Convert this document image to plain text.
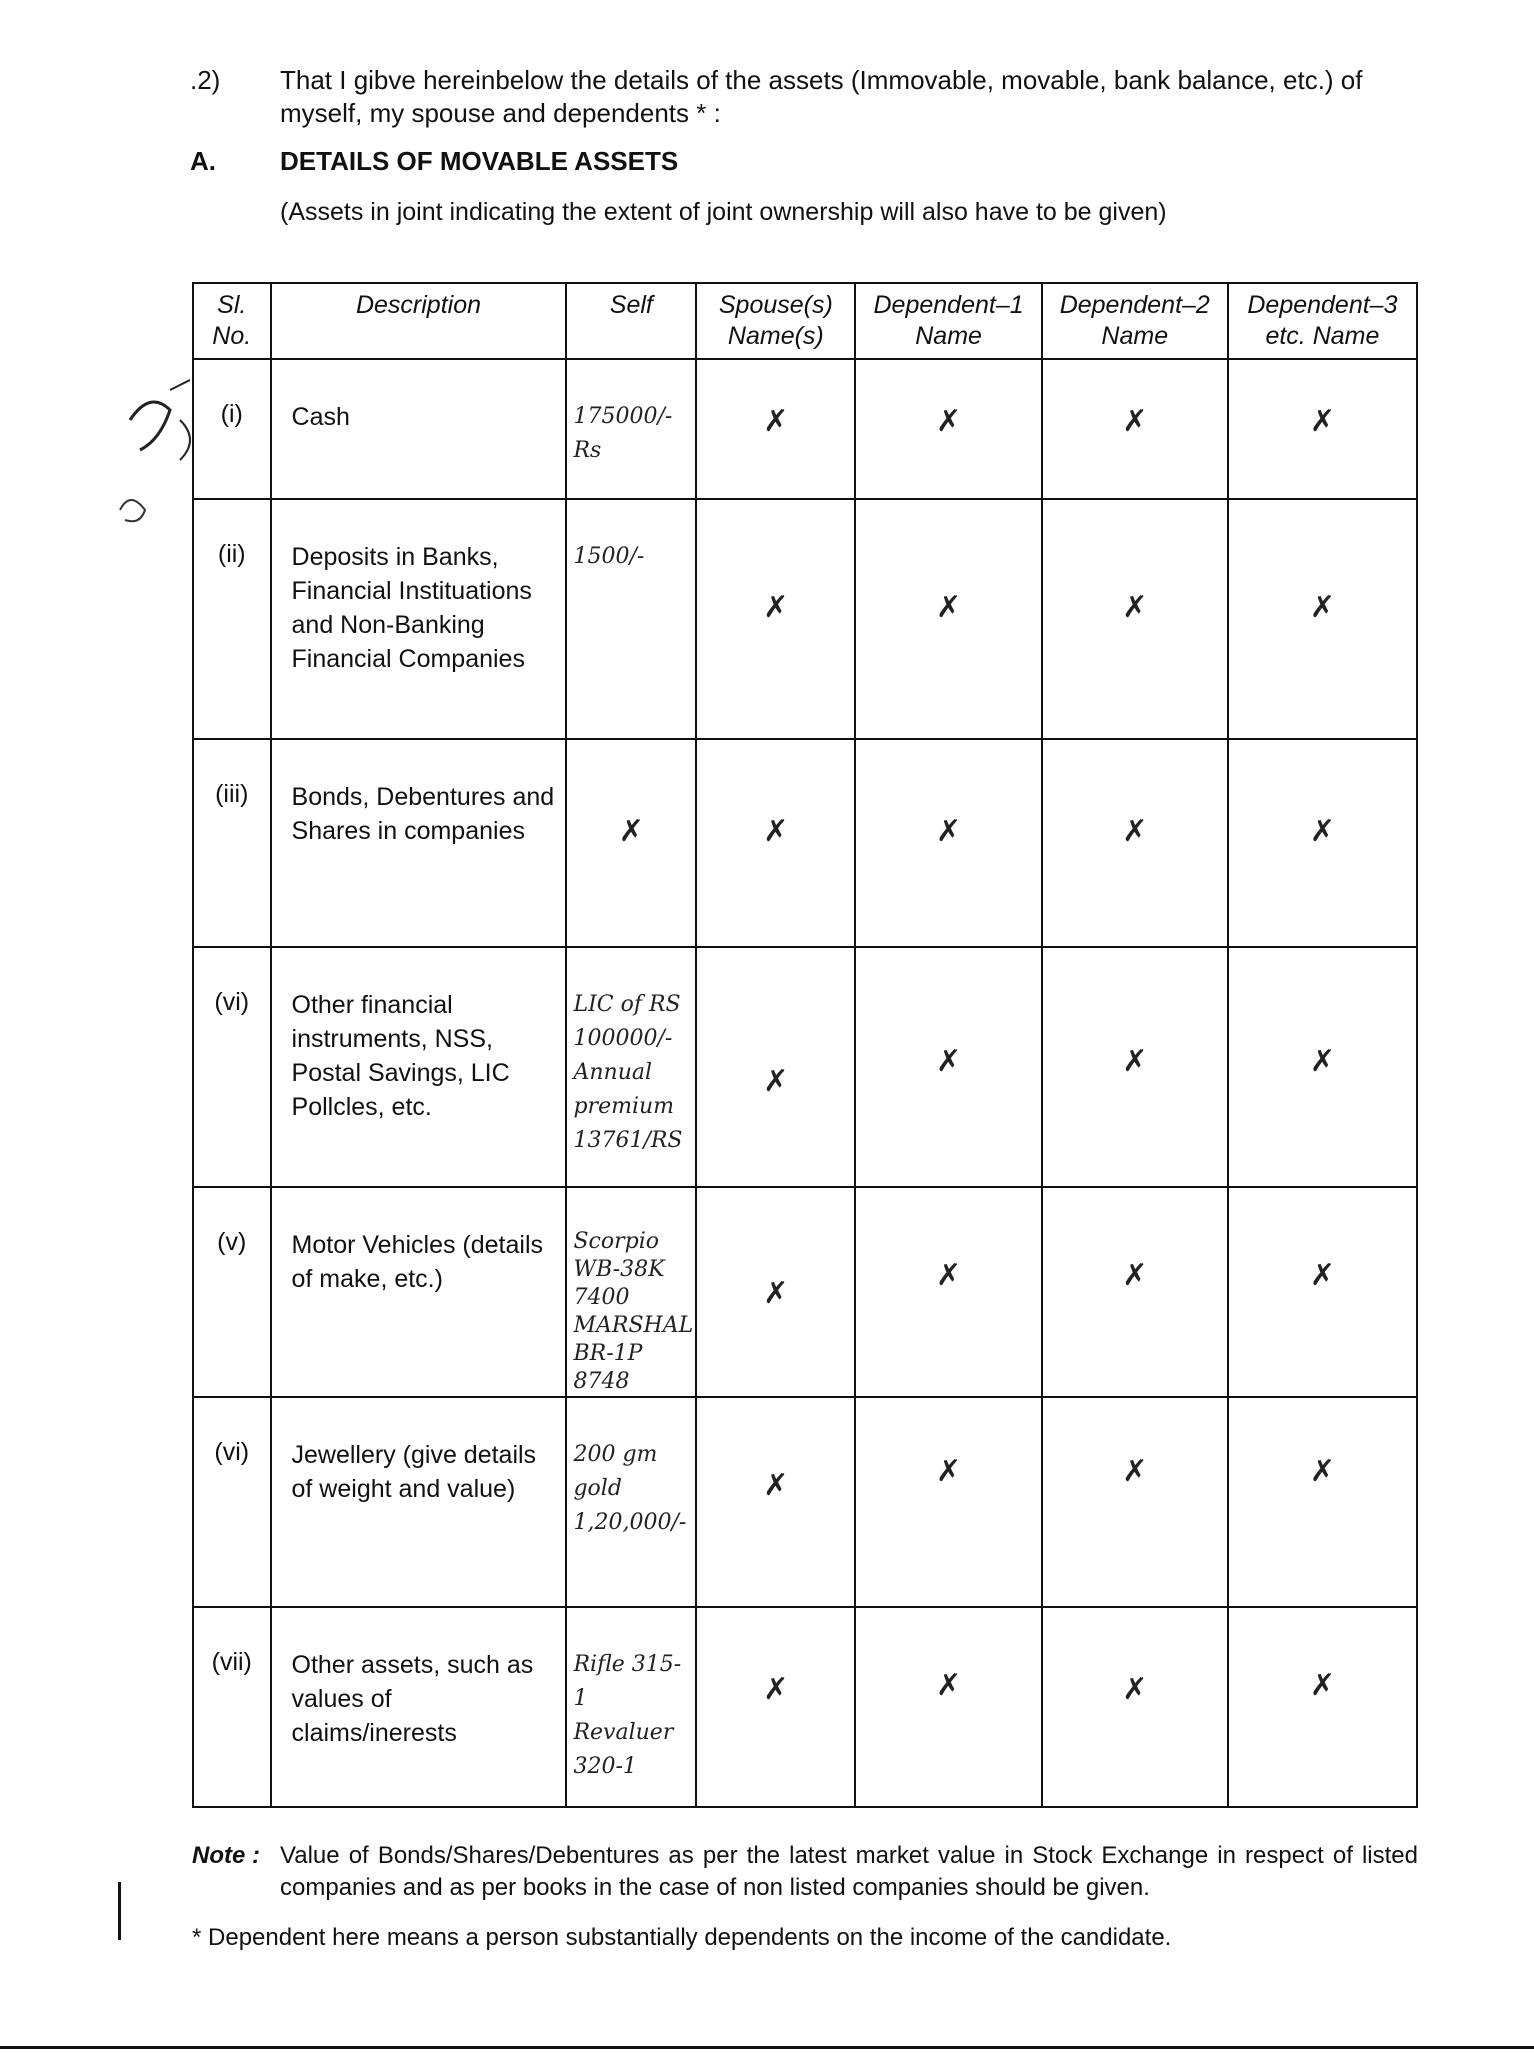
.2)	That I gibve hereinbelow the details of the assets (Immovable, movable, bank balance, etc.) of myself, my spouse and dependents * :
A. DETAILS OF MOVABLE ASSETS
(Assets in joint indicating the extent of joint ownership will also have to be given)
Sl. No.	Description	Self	Spouse(s) Name(s)	Dependent–1 Name	Dependent–2 Name	Dependent–3 etc. Name
(i)	Cash	175000/- Rs	✗	✗	✗	✗

(ii)	Deposits in Banks, Financial Instituations and Non-Banking Financial Companies	1500/-	✗	✗	✗	✗

(iii)	Bonds, Debentures and Shares in companies	✗	✗	✗	✗	✗

(vi)	Other financial instruments, NSS, Postal Savings, LIC Pollcles, etc.	LIC of RS 100000/- Annual premium 13761/RS	✗	✗	✗	✗

(v)	Motor Vehicles (details of make, etc.)	Scorpio WB-38K 7400 MARSHAL BR-1P 8748	✗	✗	✗	✗

(vi)	Jewellery (give details of weight and value)	200 gm gold 1,20,000/-	✗	✗	✗	✗

(vii)	Other assets, such as values of claims/inerests	Rifle 315-1 Revaluer 320-1	✗	✗	✗	✗
Note : Value of Bonds/Shares/Debentures as per the latest market value in Stock Exchange in respect of listed companies and as per books in the case of non listed companies should be given.
* Dependent here means a person substantially dependents on the income of the candidate.
